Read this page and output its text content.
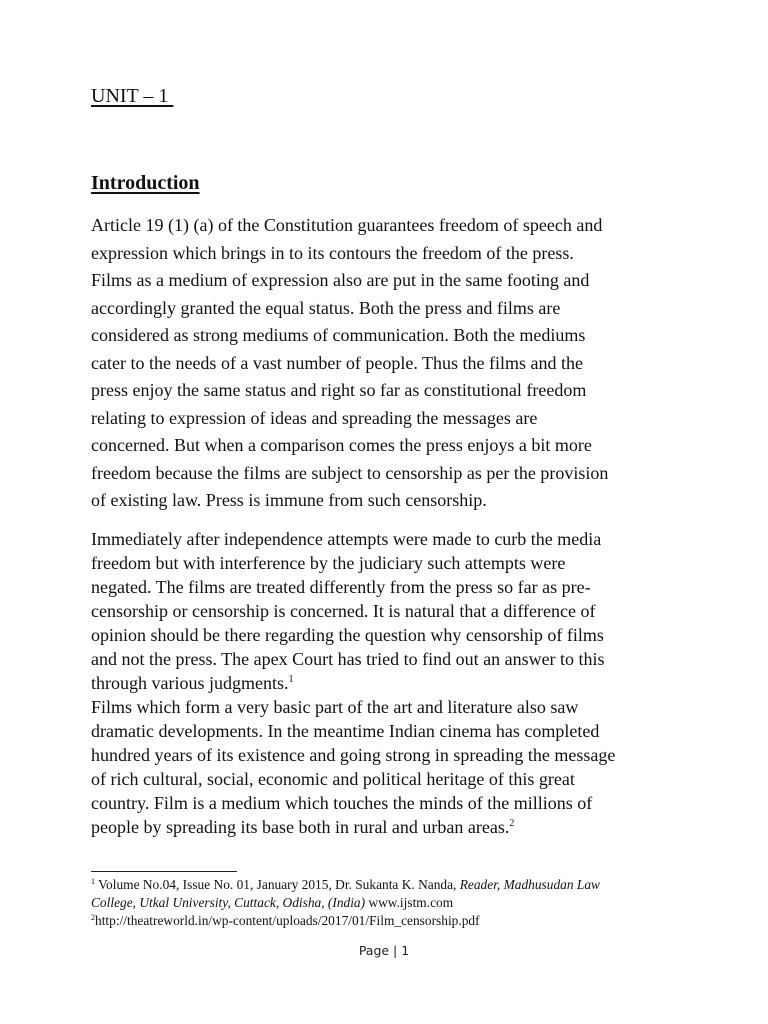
UNIT – 1
Introduction

Article 19 (1) (a) of the Constitution guarantees freedom of speech and
expression which brings in to its contours the freedom of the press.
Films as a medium of expression also are put in the same footing and
accordingly granted the equal status. Both the press and films are
considered as strong mediums of communication. Both the mediums
cater to the needs of a vast number of people. Thus the films and the
press enjoy the same status and right so far as constitutional freedom
relating to expression of ideas and spreading the messages are
concerned. But when a comparison comes the press enjoys a bit more
freedom because the films are subject to censorship as per the provision
of existing law. Press is immune from such censorship.

Immediately after independence attempts were made to curb the media
freedom but with interference by the judiciary such attempts were
negated. The films are treated differently from the press so far as pre-
censorship or censorship is concerned. It is natural that a difference of
opinion should be there regarding the question why censorship of films
and not the press. The apex Court has tried to find out an answer to this
through various judgments.$^1$

Films which form a very basic part of the art and literature also saw
dramatic developments. In the meantime Indian cinema has completed
hundred years of its existence and going strong in spreading the message
of rich cultural, social, economic and political heritage of this great
country. Film is a medium which touches the minds of the millions of
people by spreading its base both in rural and urban areas.$^2$

$^1$ Volume No.04, Issue No. 01, January 2015, Dr. Sukanta K. Nanda, Reader, Madhusudan Law
College, Utkal University, Cuttack, Odisha, (India) www.ijstm.com
$^2$http://theatreworld.in/wp-content/uploads/2017/01/Film_censorship.pdf
Page | 1
